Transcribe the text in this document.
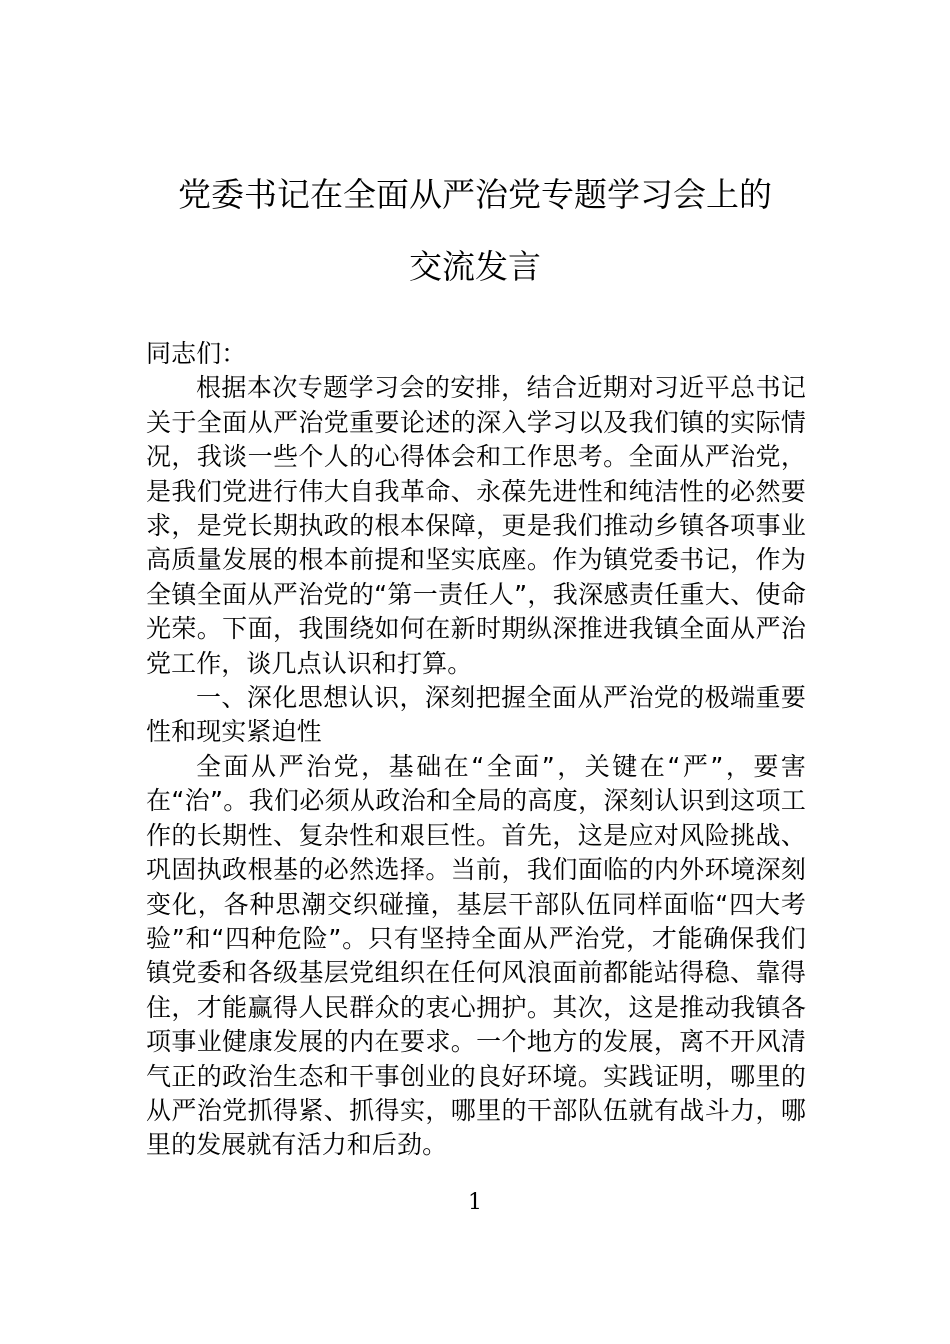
党委书记在全面从严治党专题学习会上的
交流发言

同志们：

根据本次专题学习会的安排，结合近期对习近平总书记关于全面从严治党重要论述的深入学习以及我们镇的实际情况，我谈一些个人的心得体会和工作思考。全面从严治党，是我们党进行伟大自我革命、永葆先进性和纯洁性的必然要求，是党长期执政的根本保障，更是我们推动乡镇各项事业高质量发展的根本前提和坚实底座。作为镇党委书记，作为全镇全面从严治党的“第一责任人”，我深感责任重大、使命光荣。下面，我围绕如何在新时期纵深推进我镇全面从严治党工作，谈几点认识和打算。

一、深化思想认识，深刻把握全面从严治党的极端重要性和现实紧迫性

全面从严治党，基础在“全面”，关键在“严”，要害在“治”。我们必须从政治和全局的高度，深刻认识到这项工作的长期性、复杂性和艰巨性。首先，这是应对风险挑战、巩固执政根基的必然选择。当前，我们面临的内外环境深刻变化，各种思潮交织碰撞，基层干部队伍同样面临“四大考验”和“四种危险”。只有坚持全面从严治党，才能确保我们镇党委和各级基层党组织在任何风浪面前都能站得稳、靠得住，才能赢得人民群众的衷心拥护。其次，这是推动我镇各项事业健康发展的内在要求。一个地方的发展，离不开风清气正的政治生态和干事创业的良好环境。实践证明，哪里的从严治党抓得紧、抓得实，哪里的干部队伍就有战斗力，哪里的发展就有活力和后劲。

1
